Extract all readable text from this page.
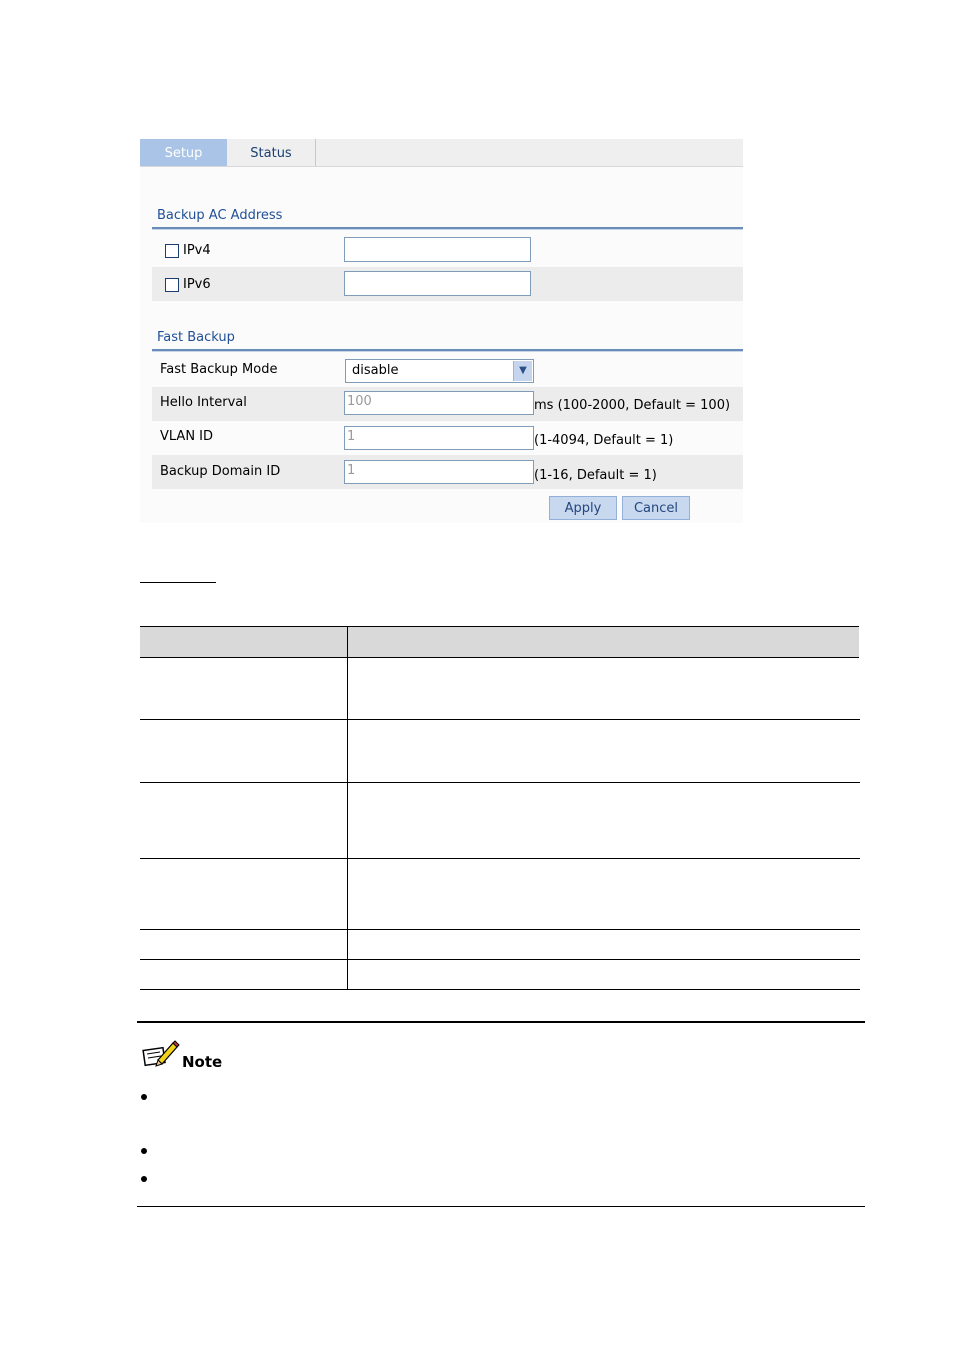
Setup	Status
Backup AC Address
IPv4
IPv6
Fast Backup
Fast Backup Mode	disable	▼
Hello Interval	100	ms (100-2000, Default = 100)
VLAN ID	1	(1-4094, Default = 1)
Backup Domain ID	1	(1-16, Default = 1)
Apply	Cancel
Note
